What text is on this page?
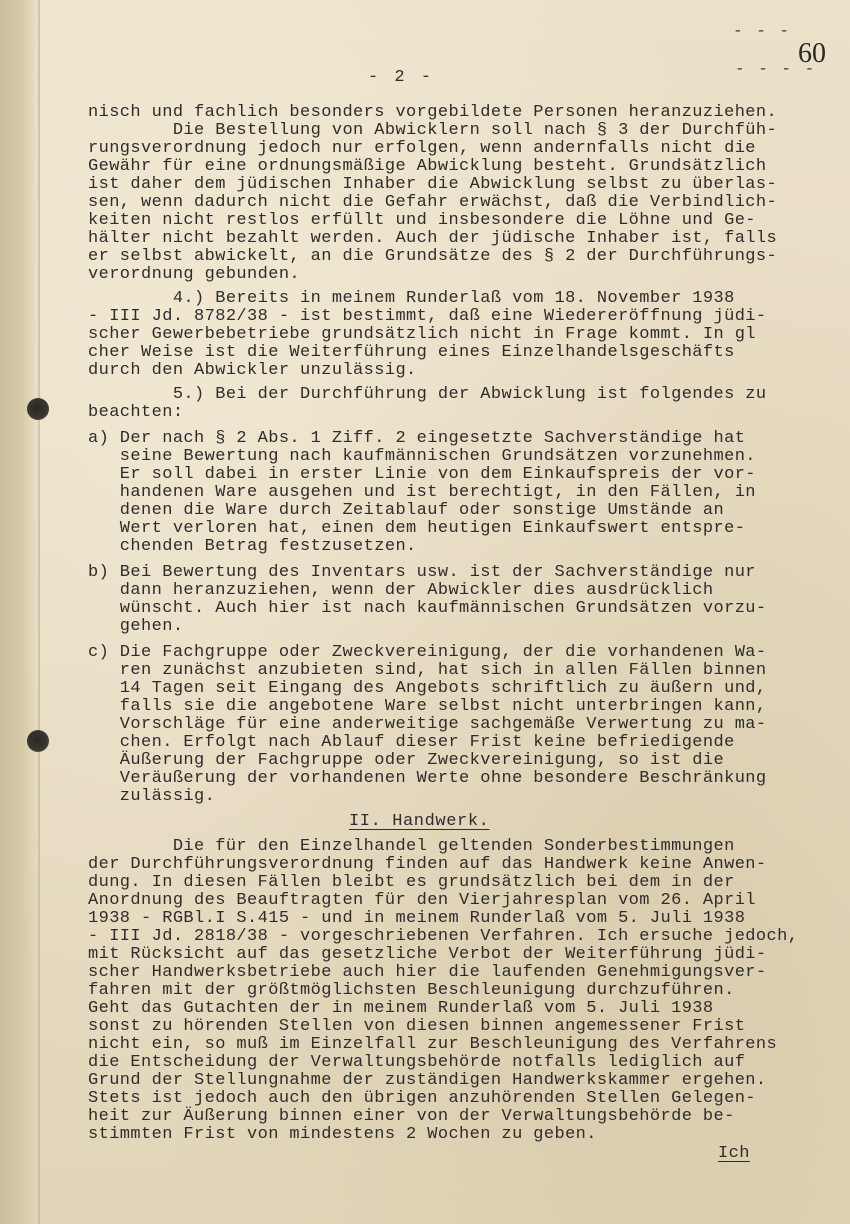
- - -
- - - -
60
- 2 -
nisch und fachlich besonders vorgebildete Personen heranzuziehen.
Die Bestellung von Abwicklern soll nach § 3 der Durchfüh-
rungsverordnung jedoch nur erfolgen, wenn andernfalls nicht die
Gewähr für eine ordnungsmäßige Abwicklung besteht. Grundsätzlich
ist daher dem jüdischen Inhaber die Abwicklung selbst zu überlas-
sen, wenn dadurch nicht die Gefahr erwächst, daß die Verbindlich-
keiten nicht restlos erfüllt und insbesondere die Löhne und Ge-
hälter nicht bezahlt werden. Auch der jüdische Inhaber ist, falls
er selbst abwickelt, an die Grundsätze des § 2 der Durchführungs-
verordnung gebunden.
4.) Bereits in meinem Runderlaß vom 18. November 1938
- III Jd. 8782/38 - ist bestimmt, daß eine Wiedereröffnung jüdi-
scher Gewerbebetriebe grundsätzlich nicht in Frage kommt. In gl
cher Weise ist die Weiterführung eines Einzelhandelsgeschäfts
durch den Abwickler unzulässig.
5.) Bei der Durchführung der Abwicklung ist folgendes zu
beachten:
a) Der nach § 2 Abs. 1 Ziff. 2 eingesetzte Sachverständige hat
seine Bewertung nach kaufmännischen Grundsätzen vorzunehmen.
Er soll dabei in erster Linie von dem Einkaufspreis der vor-
handenen Ware ausgehen und ist berechtigt, in den Fällen, in
denen die Ware durch Zeitablauf oder sonstige Umstände an
Wert verloren hat, einen dem heutigen Einkaufswert entspre-
chenden Betrag festzusetzen.
b) Bei Bewertung des Inventars usw. ist der Sachverständige nur
dann heranzuziehen, wenn der Abwickler dies ausdrücklich
wünscht. Auch hier ist nach kaufmännischen Grundsätzen vorzu-
gehen.
c) Die Fachgruppe oder Zweckvereinigung, der die vorhandenen Wa-
ren zunächst anzubieten sind, hat sich in allen Fällen binnen
14 Tagen seit Eingang des Angebots schriftlich zu äußern und,
falls sie die angebotene Ware selbst nicht unterbringen kann,
Vorschläge für eine anderweitige sachgemäße Verwertung zu ma-
chen. Erfolgt nach Ablauf dieser Frist keine befriedigende
Äußerung der Fachgruppe oder Zweckvereinigung, so ist die
Veräußerung der vorhandenen Werte ohne besondere Beschränkung
zulässig.
II. Handwerk.
Die für den Einzelhandel geltenden Sonderbestimmungen
der Durchführungsverordnung finden auf das Handwerk keine Anwen-
dung. In diesen Fällen bleibt es grundsätzlich bei dem in der
Anordnung des Beauftragten für den Vierjahresplan vom 26. April
1938 - RGBl.I S.415 - und in meinem Runderlaß vom 5. Juli 1938
- III Jd. 2818/38 - vorgeschriebenen Verfahren. Ich ersuche jedoch,
mit Rücksicht auf das gesetzliche Verbot der Weiterführung jüdi-
scher Handwerksbetriebe auch hier die laufenden Genehmigungsver-
fahren mit der größtmöglichsten Beschleunigung durchzuführen.
Geht das Gutachten der in meinem Runderlaß vom 5. Juli 1938
sonst zu hörenden Stellen von diesen binnen angemessener Frist
nicht ein, so muß im Einzelfall zur Beschleunigung des Verfahrens
die Entscheidung der Verwaltungsbehörde notfalls lediglich auf
Grund der Stellungnahme der zuständigen Handwerkskammer ergehen.
Stets ist jedoch auch den übrigen anzuhörenden Stellen Gelegen-
heit zur Äußerung binnen einer von der Verwaltungsbehörde be-
stimmten Frist von mindestens 2 Wochen zu geben.
Ich
